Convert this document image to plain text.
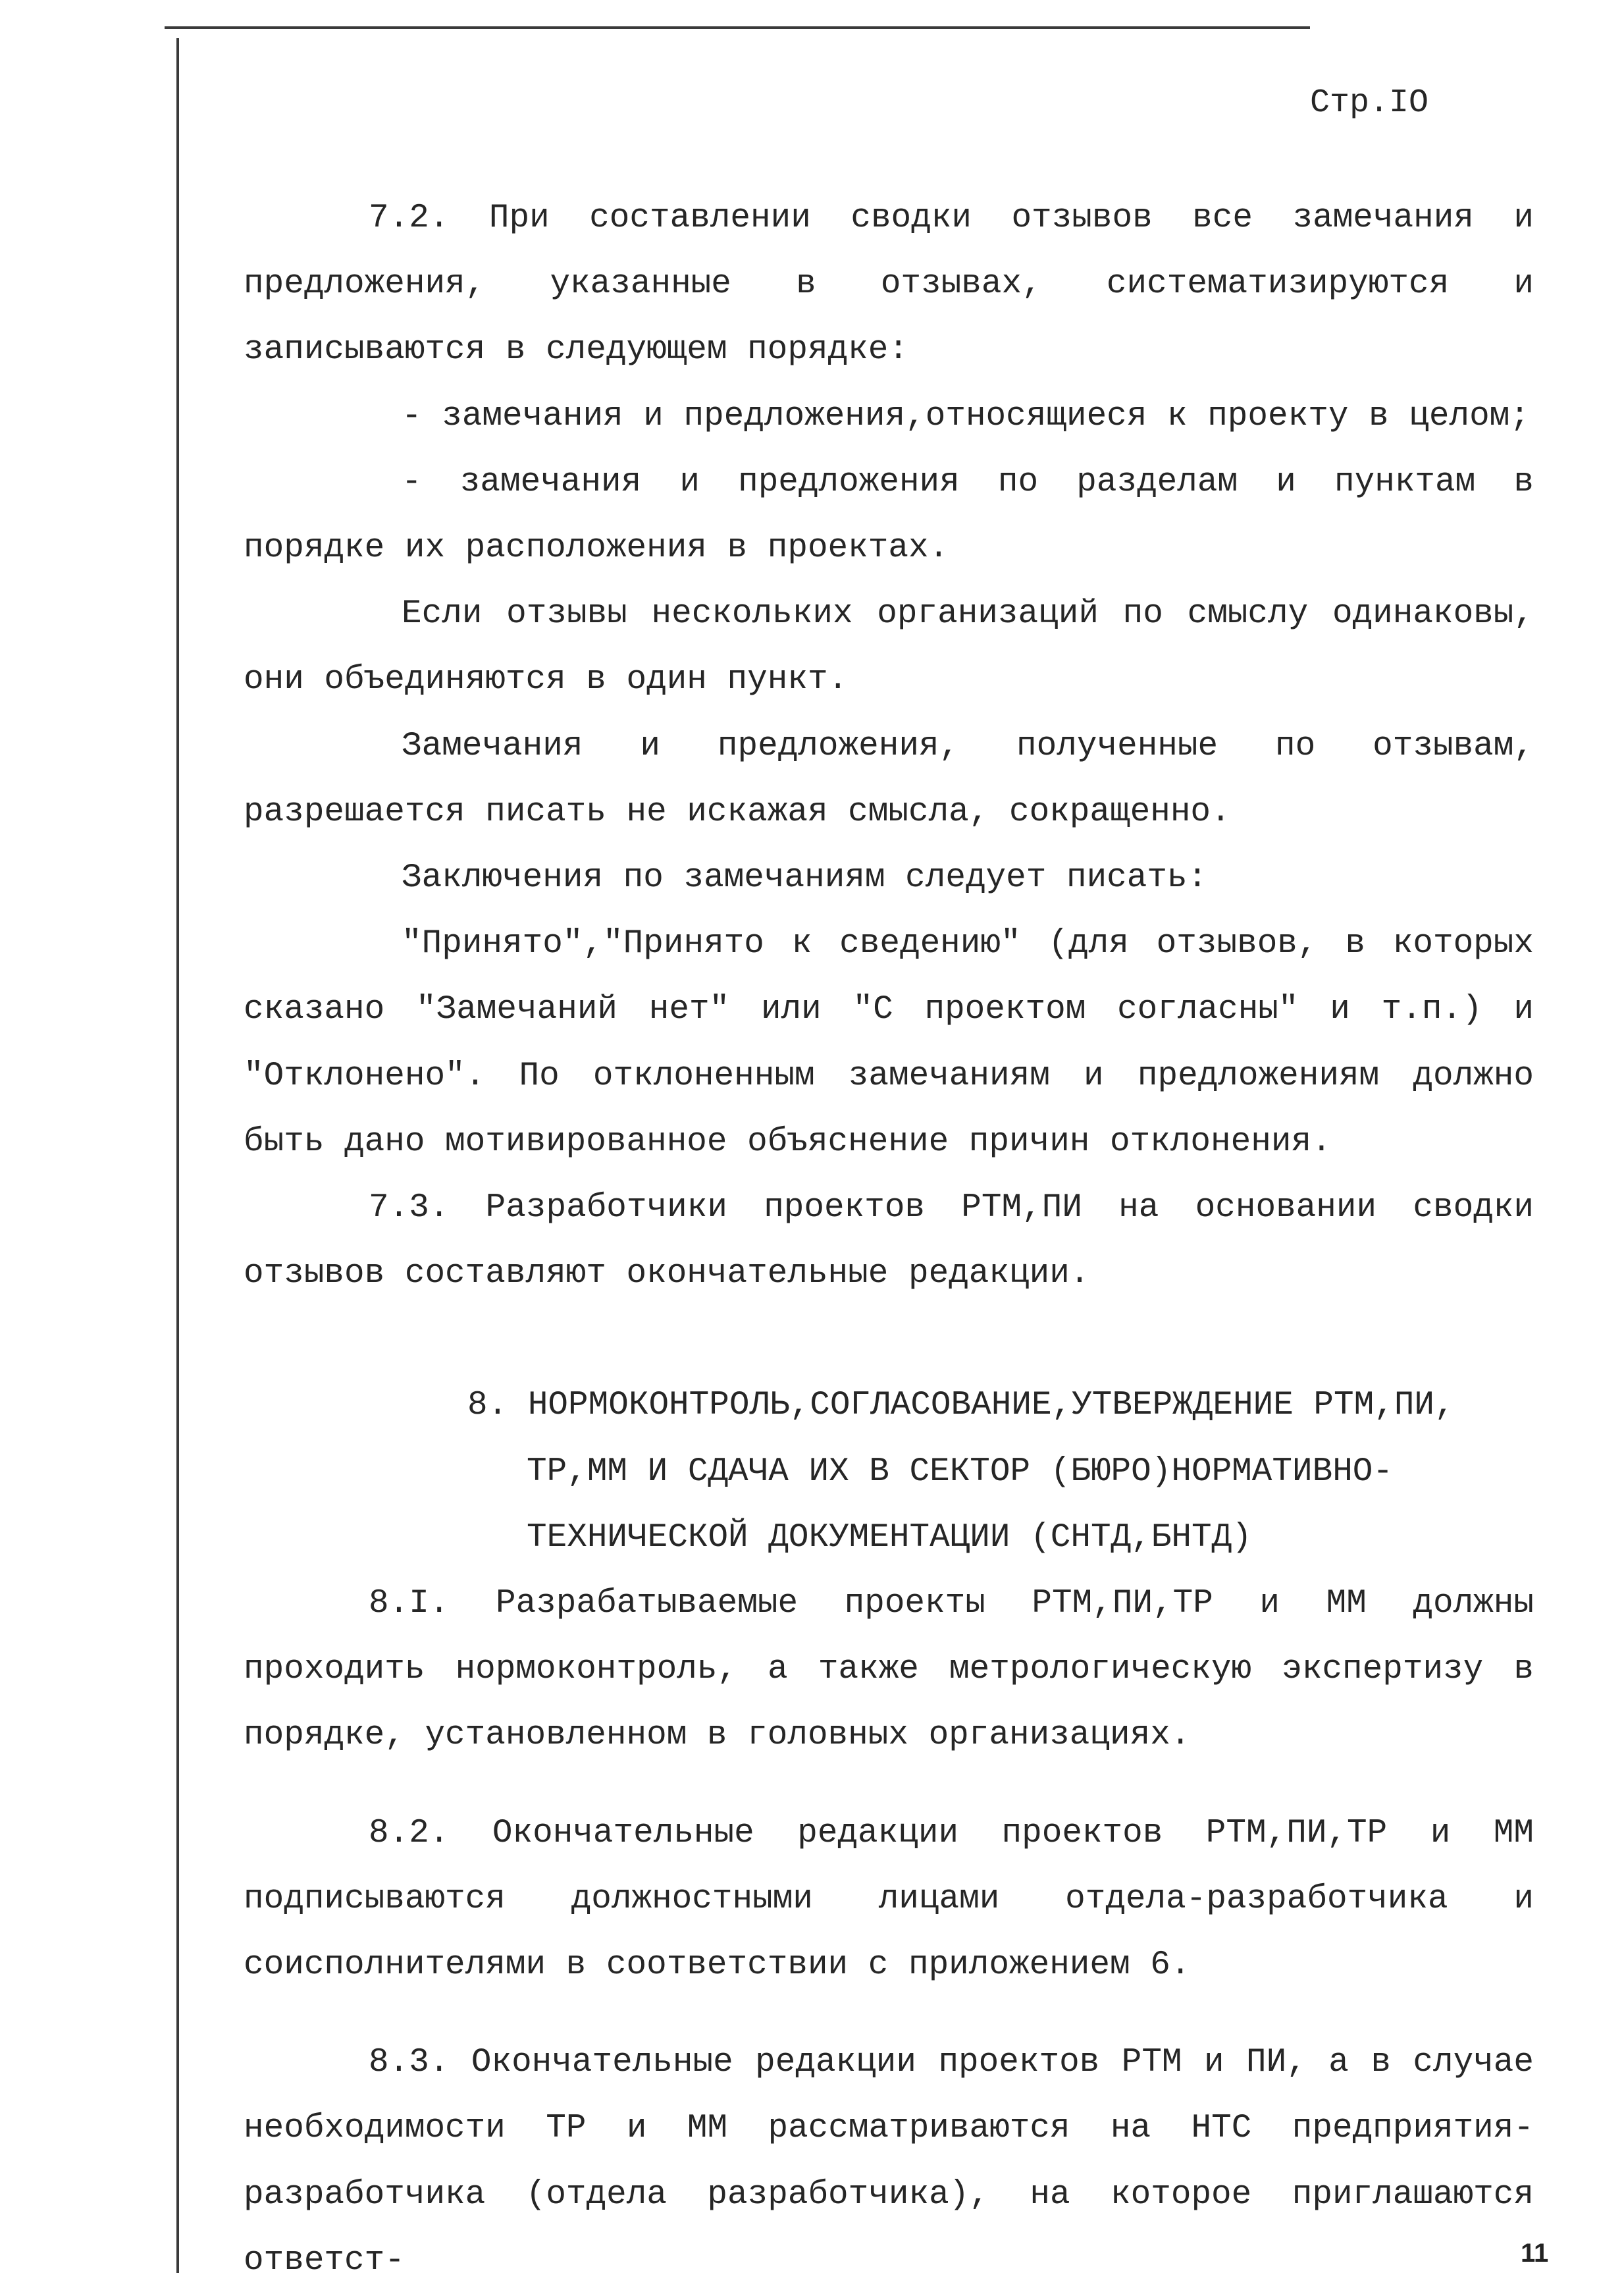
Стр.IO

7.2. При составлении сводки отзывов все замечания и предложения, указанные в отзывах, систематизируются и записываются в следующем порядке:

- замечания и предложения,относящиеся к проекту в целом;

- замечания и предложения по разделам и пунктам в порядке их расположения в проектах.

Если отзывы нескольких организаций по смыслу одинаковы, они объединяются в один пункт.

Замечания и предложения, полученные по отзывам, разрешается писать не искажая смысла, сокращенно.

Заключения по замечаниям следует писать:

"Принято","Принято к сведению" (для отзывов, в которых сказано "Замечаний нет" или "С проектом согласны" и т.п.) и "Отклонено". По отклоненным замечаниям и предложениям должно быть дано мотивированное объяснение причин отклонения.

7.3. Разработчики проектов РТМ,ПИ на основании сводки отзывов составляют окончательные редакции.

8. НОРМОКОНТРОЛЬ,СОГЛАСОВАНИЕ,УТВЕРЖДЕНИЕ РТМ,ПИ,
ТР,ММ И СДАЧА ИХ В СЕКТОР (БЮРО)НОРМАТИВНО-
ТЕХНИЧЕСКОЙ ДОКУМЕНТАЦИИ (СНТД,БНТД)

8.I. Разрабатываемые проекты РТМ,ПИ,ТР и ММ должны проходить нормоконтроль, а также метрологическую экспертизу в порядке, установленном в головных организациях.

8.2. Окончательные редакции проектов РТМ,ПИ,ТР и ММ подписываются должностными лицами отдела-разработчика и соисполнителями в соответствии с приложением 6.

8.3. Окончательные редакции проектов РТМ и ПИ, а в случае необходимости ТР и ММ рассматриваются на НТС предприятия-разработчика (отдела разработчика), на которое приглашаются ответст-	11
